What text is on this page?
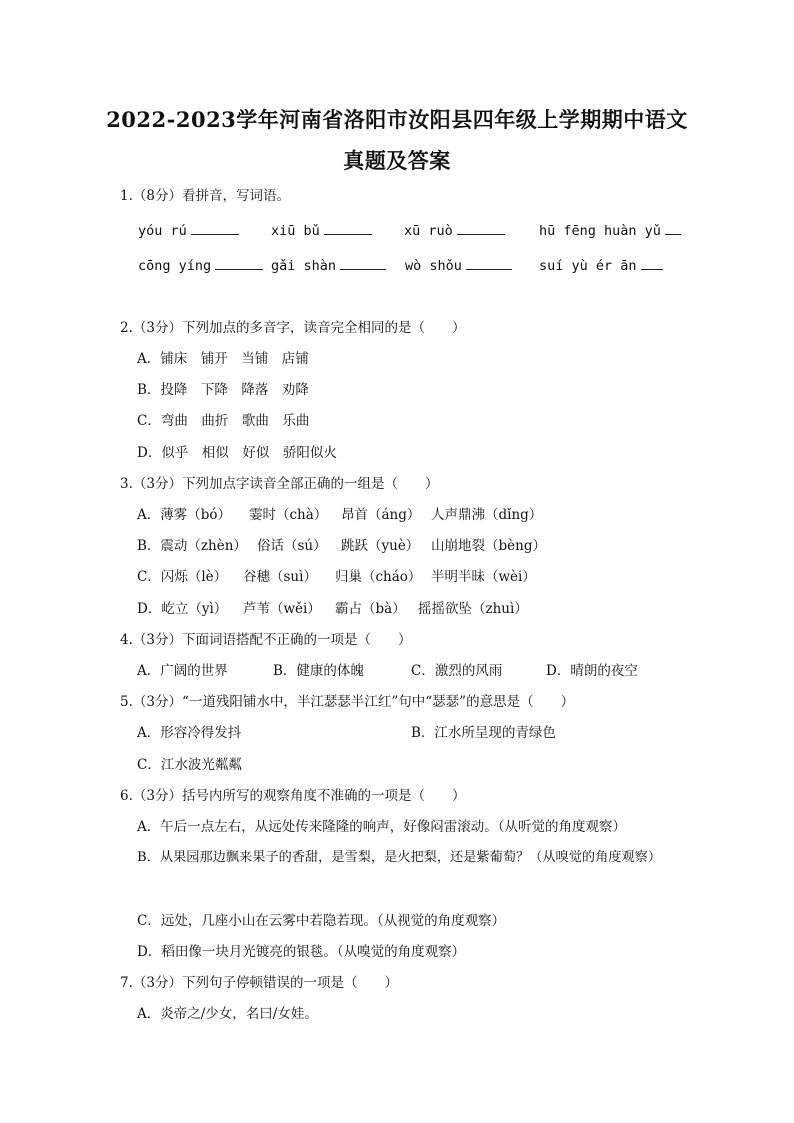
2022-2023学年河南省洛阳市汝阳县四年级上学期期中语文
真题及答案
1.（8分）看拼音，写词语。
yóu rú	xiū bǔ	xū ruò	hū fēng huàn yǔ
cōng yíng	gǎi shàn	wò shǒu	suí yù ér ān
2.（3分）下列加点的多音字，读音完全相同的是（　　）
A．铺床　铺开　当铺　店铺
B．投降　下降　降落　劝降
C．弯曲　曲折　歌曲　乐曲
D．似乎　相似　好似　骄阳似火
3.（3分）下列加点字读音全部正确的一组是（　　）
A．薄雾（bó） 霎时（chà） 昂首（áng） 人声鼎沸（dǐng）
B．震动（zhèn） 俗话（sú） 跳跃（yuè） 山崩地裂（bèng）
C．闪烁（lè） 谷穗（suì） 归巢（cháo） 半明半昧（wèi）
D．屹立（yì） 芦苇（wěi） 霸占（bà） 摇摇欲坠（zhuì）
4.（3分）下面词语搭配不正确的一项是（　　）
A．广阔的世界	B．健康的体魄	C．激烈的风雨	D．晴朗的夜空
5.（3分）“一道残阳铺水中，半江瑟瑟半江红”句中“瑟瑟”的意思是（　　）
A．形容冷得发抖	B．江水所呈现的青绿色
C．江水波光粼粼
6.（3分）括号内所写的观察角度不准确的一项是（　　）
A．午后一点左右，从远处传来隆隆的响声，好像闷雷滚动。（从听觉的角度观察）
B．从果园那边飘来果子的香甜，是雪梨，是火把梨，还是紫葡萄？（从嗅觉的角度观察）
C．远处，几座小山在云雾中若隐若现。（从视觉的角度观察）
D．稻田像一块月光镀亮的银毯。（从嗅觉的角度观察）
7.（3分）下列句子停顿错误的一项是（　　）
A．炎帝之/少女，名曰/女娃。
